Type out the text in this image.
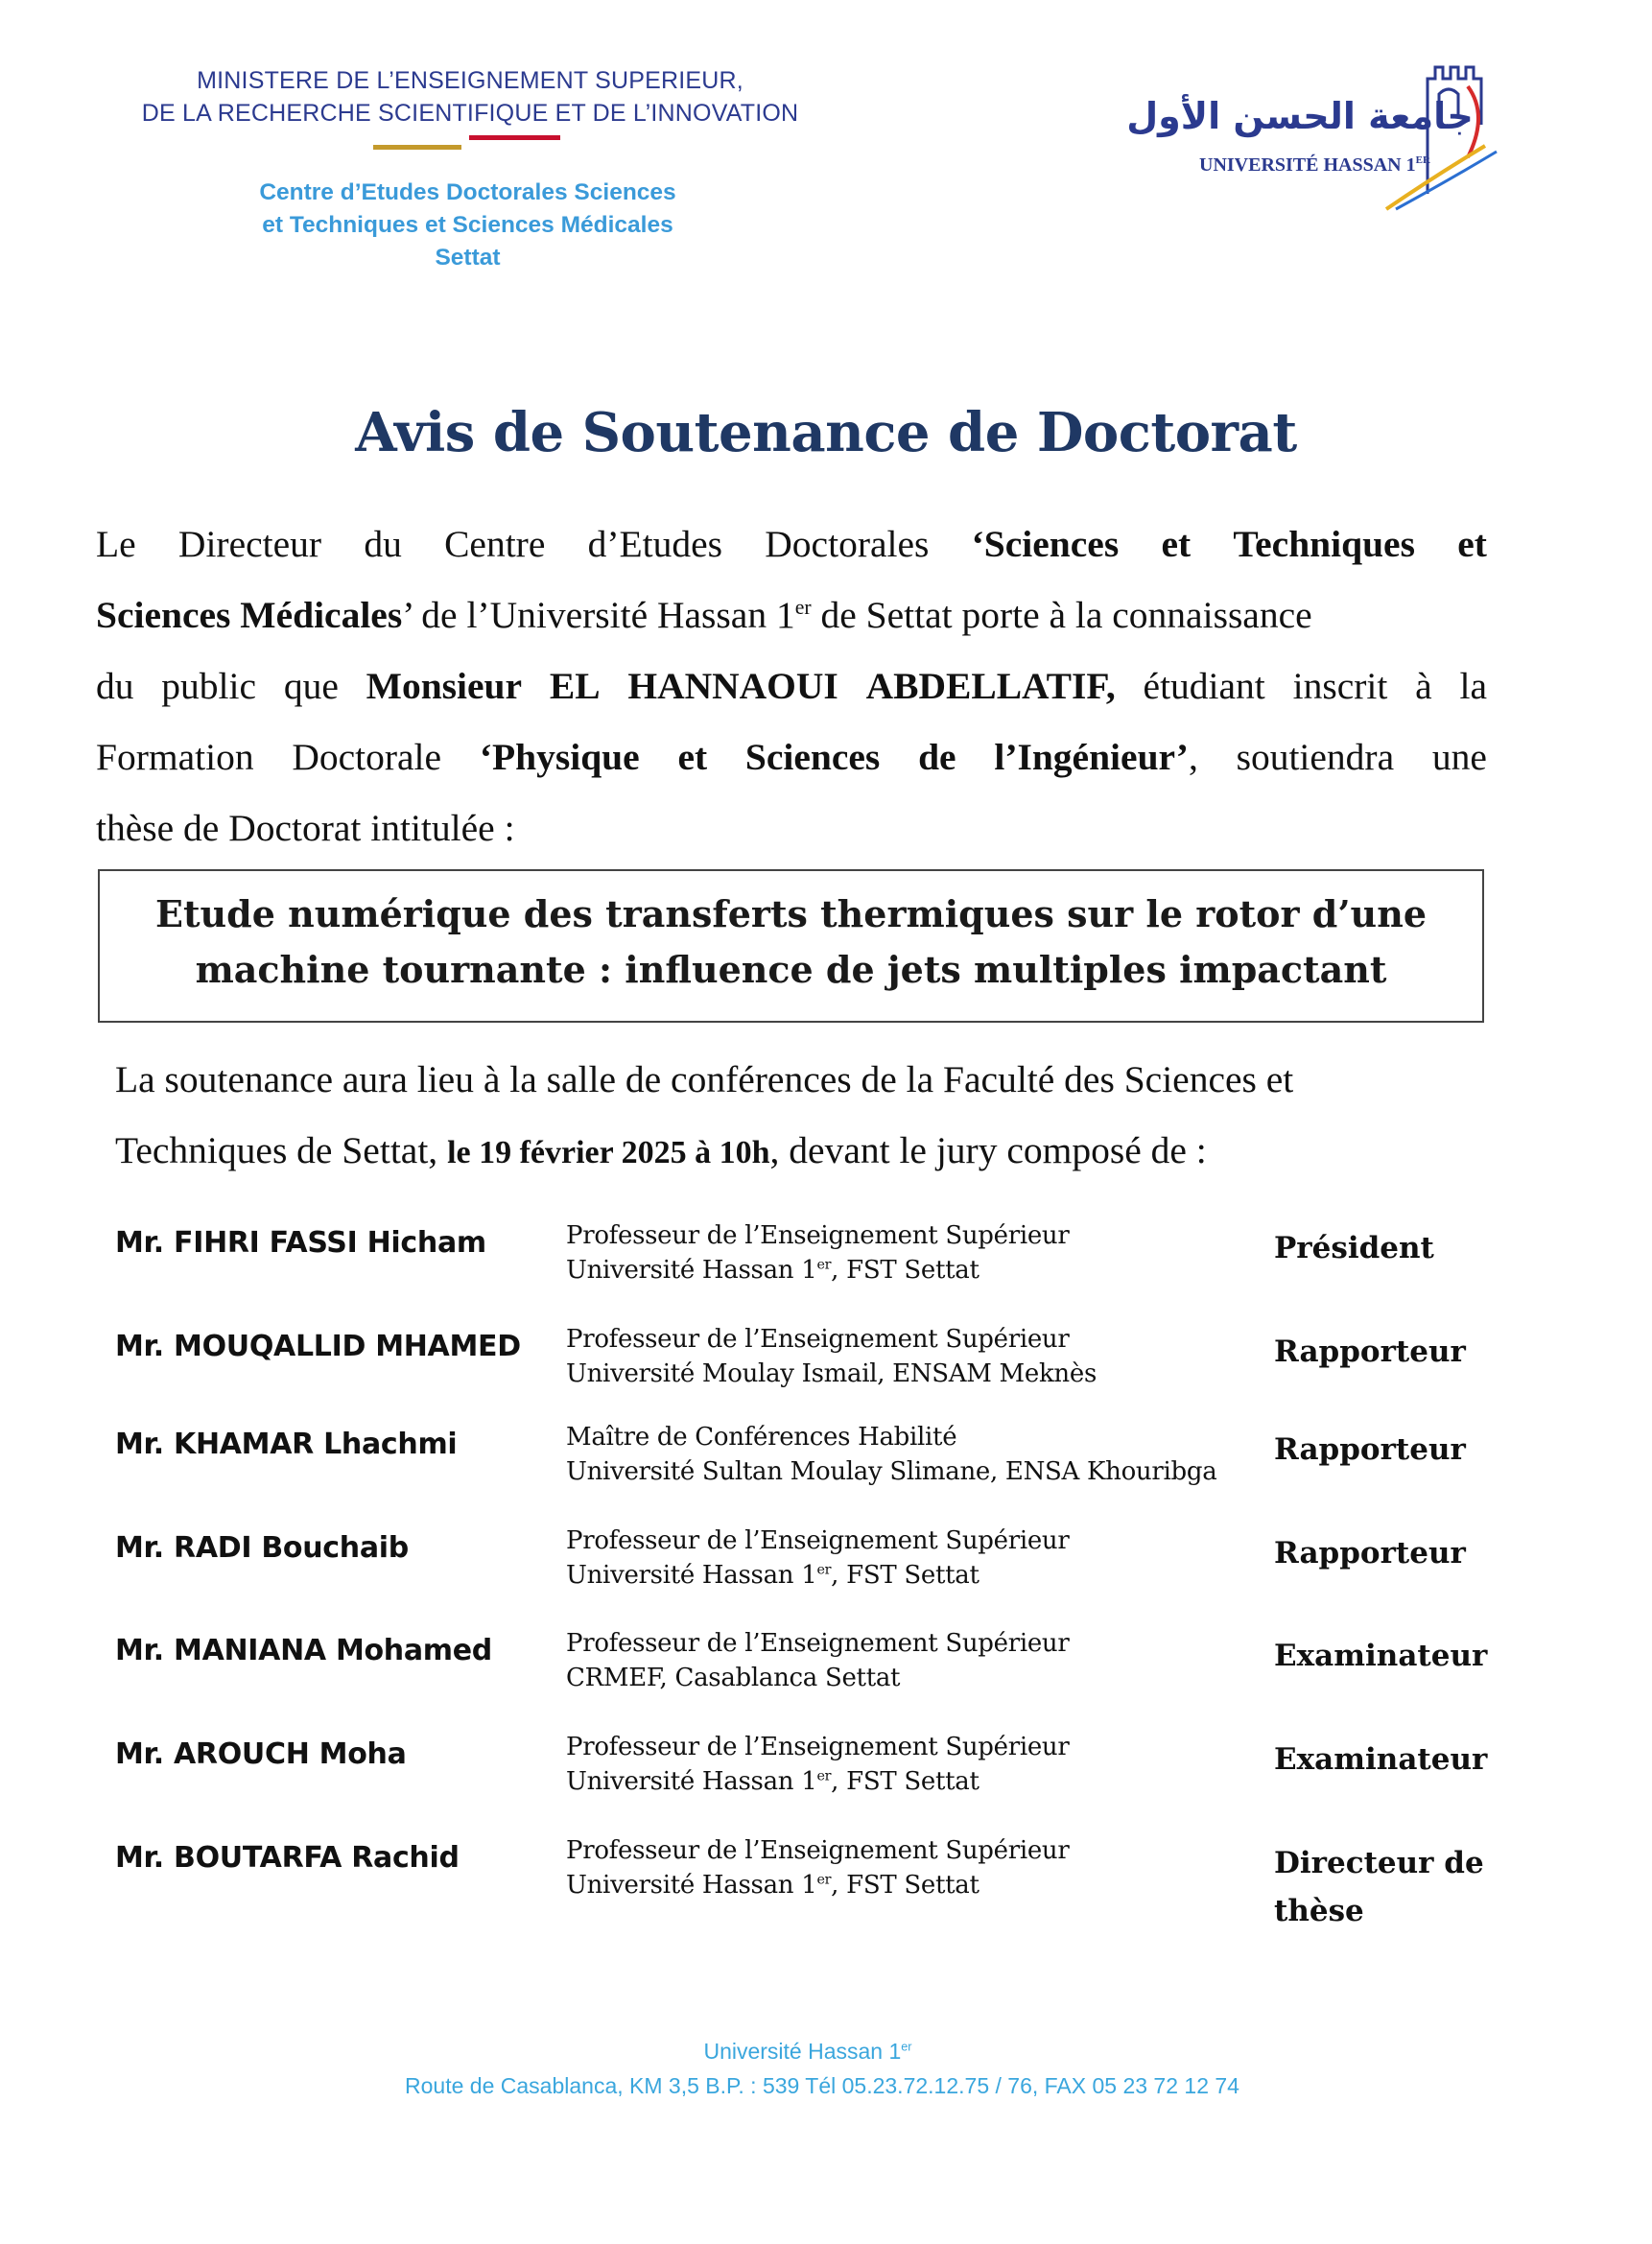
MINISTERE DE L’ENSEIGNEMENT SUPERIEUR,
DE LA RECHERCHE SCIENTIFIQUE ET DE L’INNOVATION
Centre d’Etudes Doctorales Sciences
et Techniques et Sciences Médicales
Settat
جامعة الحسن الأول
UNIVERSITÉ HASSAN 1ER
Avis de Soutenance de Doctorat
Le Directeur du Centre d’Etudes Doctorales ‘Sciences et Techniques et
Sciences Médicales’ de l’Université Hassan 1er de Settat porte à la connaissance
du public que Monsieur EL HANNAOUI ABDELLATIF, étudiant inscrit à la
Formation Doctorale ‘Physique et Sciences de l’Ingénieur’, soutiendra une
thèse de Doctorat intitulée :
Etude numérique des transferts thermiques sur le rotor d’une
machine tournante : influence de jets multiples impactant
La soutenance aura lieu à la salle de conférences de la Faculté des Sciences et
Techniques de Settat, le 19 février 2025 à 10h, devant le jury composé de :
Mr. FIHRI FASSI Hicham	Professeur de l’Enseignement Supérieur
Université Hassan 1er, FST Settat
Président
Mr. MOUQALLID MHAMED Professeur de l’Enseignement Supérieur
Université Moulay Ismail, ENSAM Meknès
Rapporteur
Mr. KHAMAR Lhachmi	Maître de Conférences Habilité
Université Sultan Moulay Slimane, ENSA Khouribga
Rapporteur
Mr. RADI Bouchaib	Professeur de l’Enseignement Supérieur
Université Hassan 1er, FST Settat
Rapporteur
Mr. MANIANA Mohamed	Professeur de l’Enseignement Supérieur
CRMEF, Casablanca Settat
Examinateur
Mr. AROUCH Moha	Professeur de l’Enseignement Supérieur
Université Hassan 1er, FST Settat
Examinateur
Mr. BOUTARFA Rachid	Professeur de l’Enseignement Supérieur
Université Hassan 1er, FST Settat
Directeur de thèse
Université Hassan 1er
Route de Casablanca, KM 3,5 B.P. : 539 Tél 05.23.72.12.75 / 76, FAX 05 23 72 12 74
